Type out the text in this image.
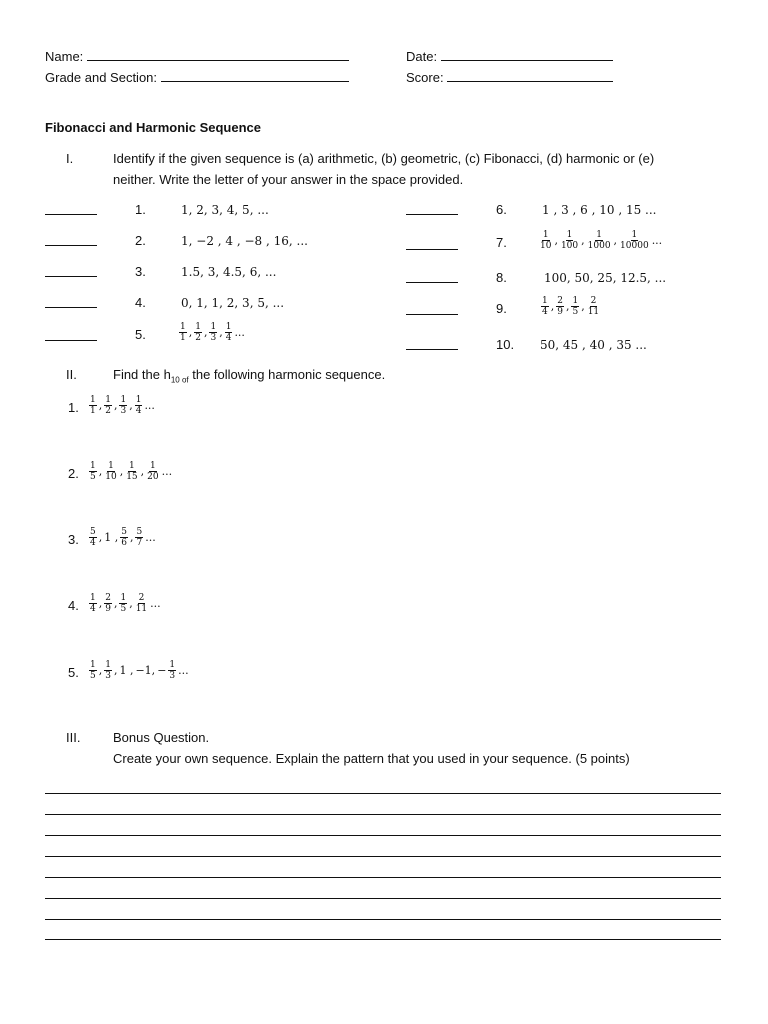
Name:
Grade and Section:
Date:
Score:
Fibonacci and Harmonic Sequence
I.	Identify if the given sequence is (a) arithmetic, (b) geometric, (c) Fibonacci, (d) harmonic or (e)
neither. Write the letter of your answer in the space provided.
1.	1, 2, 3, 4, 5, ...
2.	1, −2 , 4 , −8 , 16, ...
3.	1.5, 3, 4.5, 6, ...
4.	0, 1, 1, 2, 3, 5, ...
5.	$\frac{1}{1}$ , $\frac{1}{2}$ , $\frac{1}{3}$ , $\frac{1}{4}$ ...
6.	1 , 3 , 6 , 10 , 15 ...
7.	$\frac{1}{10}$ , $\frac{1}{100}$ , $\frac{1}{1000}$ , $\frac{1}{10000}$ ...
8.	100, 50, 25, 12.5, ...
9.	$\frac{1}{4}$ , $\frac{2}{9}$ , $\frac{1}{5}$ , $\frac{2}{11}$
10. 50, 45 , 40 , 35 ...
II.	Find the $h_{10 of}$ the following harmonic sequence.
1. $\frac{1}{1}$ , $\frac{1}{2}$ , $\frac{1}{3}$ , $\frac{1}{4}$ ...
2. $\frac{1}{5}$ , $\frac{1}{10}$ , $\frac{1}{15}$ , $\frac{1}{20}$ ...
3. $\frac{5}{4}$ , 1 , $\frac{5}{6}$ , $\frac{5}{7}$ ...
4. $\frac{1}{4}$ , $\frac{2}{9}$ , $\frac{1}{5}$ , $\frac{2}{11}$ ...
5. $\frac{1}{5}$ , $\frac{1}{3}$ , 1 , −1, − $\frac{1}{3}$ ...
III.	Bonus Question.
Create your own sequence. Explain the pattern that you used in your sequence. (5 points)
